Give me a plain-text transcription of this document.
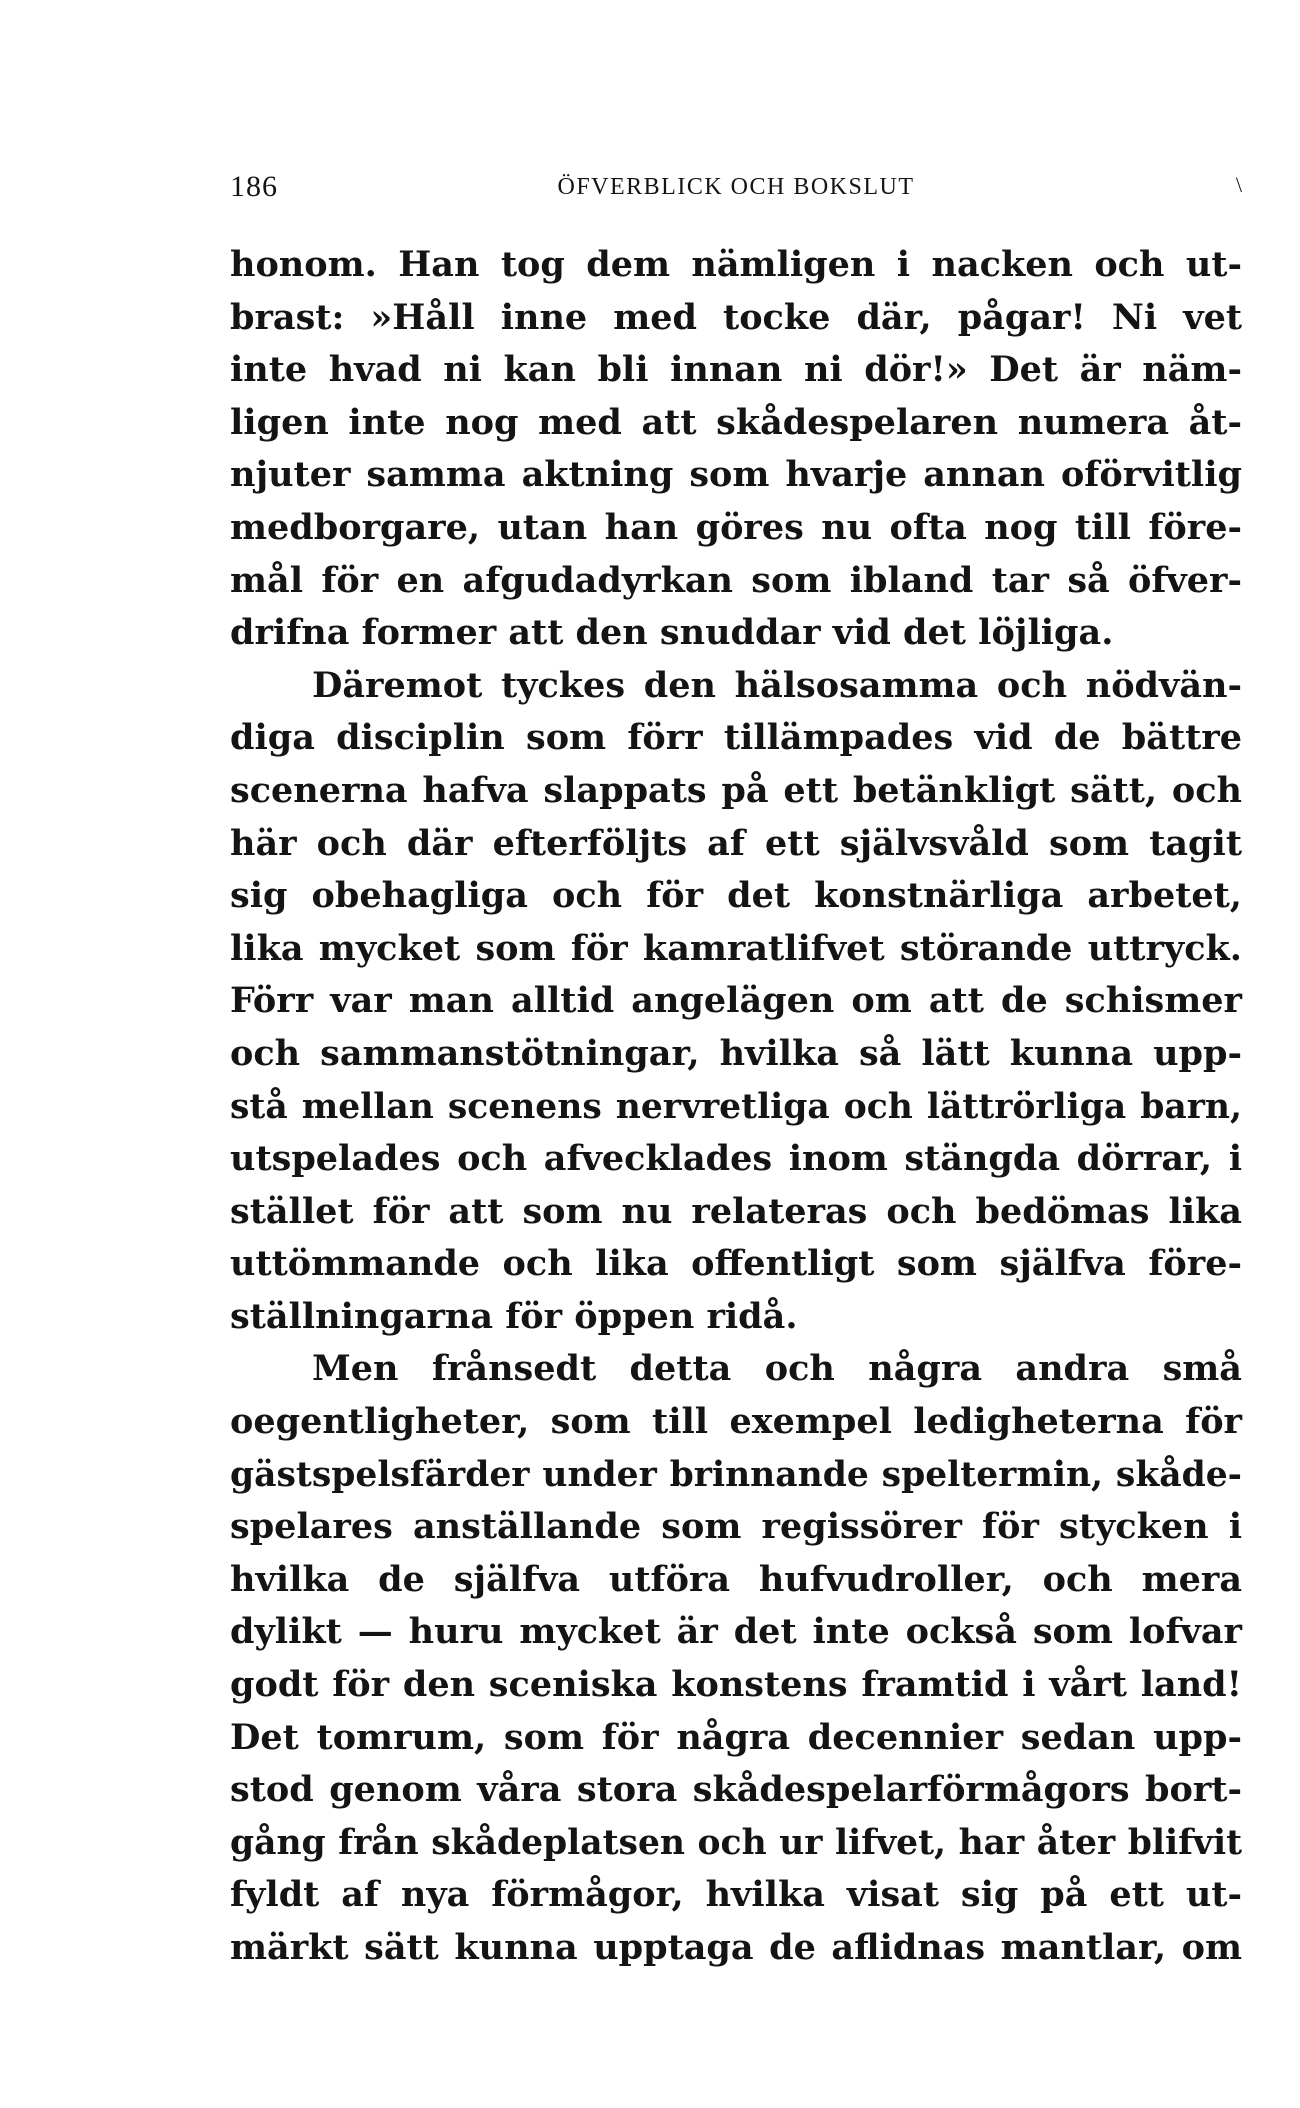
186	ÖFVERBLICK OCH BOKSLUT	\
honom. Han tog dem nämligen i nacken och ut-
brast: »Håll inne med tocke där, pågar! Ni vet
inte hvad ni kan bli innan ni dör!» Det är näm-
ligen inte nog med att skådespelaren numera åt-
njuter samma aktning som hvarje annan oförvitlig
medborgare, utan han göres nu ofta nog till före-
mål för en afgudadyrkan som ibland tar så öfver-
drifna former att den snuddar vid det löjliga.
Däremot tyckes den hälsosamma och nödvän-
diga disciplin som förr tillämpades vid de bättre
scenerna hafva slappats på ett betänkligt sätt, och
här och där efterföljts af ett självsvåld som tagit
sig obehagliga och för det konstnärliga arbetet,
lika mycket som för kamratlifvet störande uttryck.
Förr var man alltid angelägen om att de schismer
och sammanstötningar, hvilka så lätt kunna upp-
stå mellan scenens nervretliga och lättrörliga barn,
utspelades och afvecklades inom stängda dörrar, i
stället för att som nu relateras och bedömas lika
uttömmande och lika offentligt som själfva före-
ställningarna för öppen ridå.
Men frånsedt detta och några andra små
oegentligheter, som till exempel ledigheterna för
gästspelsfärder under brinnande speltermin, skåde-
spelares anställande som regissörer för stycken i
hvilka de själfva utföra hufvudroller, och mera
dylikt — huru mycket är det inte också som lofvar
godt för den sceniska konstens framtid i vårt land!
Det tomrum, som för några decennier sedan upp-
stod genom våra stora skådespelarförmågors bort-
gång från skådeplatsen och ur lifvet, har åter blifvit
fyldt af nya förmågor, hvilka visat sig på ett ut-
märkt sätt kunna upptaga de aflidnas mantlar, om
